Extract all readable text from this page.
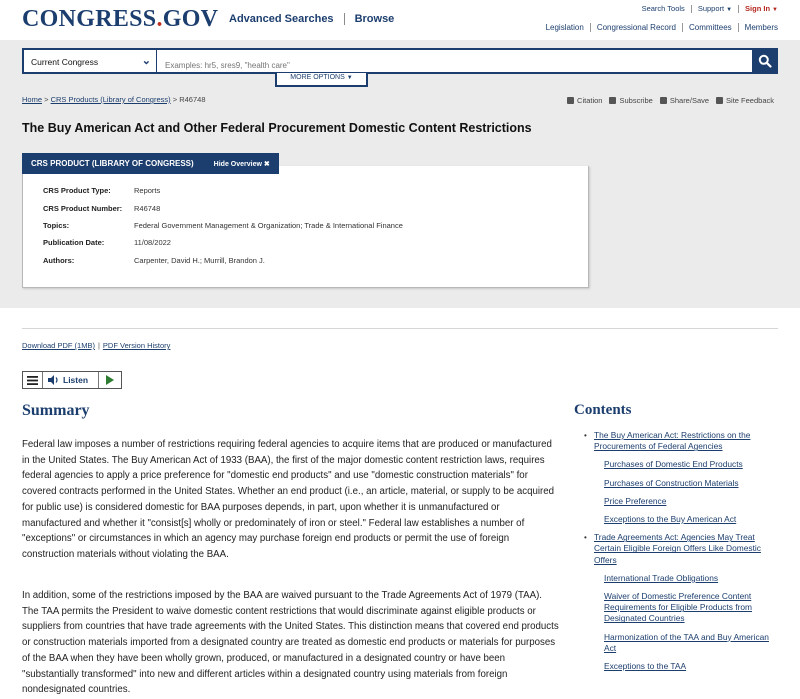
CONGRESS.GOV Advanced Searches Browse
Search Tools Support ▼ Sign In ▼
Legislation Congressional Record Committees Members
Current Congress	⌄
Examples: hr5, sres9, "health care"
MORE OPTIONS ▼
Home > CRS Products (Library of Congress) > R46748	Citation Subscribe Share/Save Site Feedback
The Buy American Act and Other Federal Procurement Domestic Content Restrictions
CRS Product Type:	Reports
CRS Product Number:	R46748
Topics:	Federal Government Management & Organization; Trade & International Finance
Publication Date:	11/08/2022
Authors:	Carpenter, David H.; Murrill, Brandon J.
CRS PRODUCT (LIBRARY OF CONGRESS)	Hide Overview ✖
Download PDF (1MB) | PDF Version History
Listen
Summary

Federal law imposes a number of restrictions requiring federal agencies to acquire items that are produced or manufactured in the United States. The Buy American Act of 1933 (BAA), the first of the major domestic content restriction laws, requires federal agencies to apply a price preference for "domestic end products" and use "domestic construction materials" for covered contracts performed in the United States. Whether an end product (i.e., an article, material, or supply to be acquired for public use) is considered domestic for BAA purposes depends, in part, upon whether it is unmanufactured or manufactured and whether it "consist[s] wholly or predominately of iron or steel." Federal law establishes a number of "exceptions" or circumstances in which an agency may purchase foreign end products or permit the use of foreign construction materials without violating the BAA.

In addition, some of the restrictions imposed by the BAA are waived pursuant to the Trade Agreements Act of 1979 (TAA). The TAA permits the President to waive domestic content restrictions that would discriminate against eligible products or suppliers from countries that have trade agreements with the United States. This distinction means that covered end products or construction materials imported from a designated country are treated as domestic end products or materials for purposes of the BAA when they have been wholly grown, produced, or manufactured in a designated country or have been "substantially transformed" into new and different articles within a designated country using materials from foreign nondesignated countries.

Contents
• The Buy American Act: Restrictions on the Procurements of Federal Agencies
Purchases of Domestic End Products
Purchases of Construction Materials
Price Preference
Exceptions to the Buy American Act
• Trade Agreements Act: Agencies May Treat Certain Eligible Foreign Offers Like Domestic Offers
International Trade Obligations
Waiver of Domestic Preference Content Requirements for Eligible Products from Designated Countries
Harmonization of the TAA and Buy American Act
Exceptions to the TAA
